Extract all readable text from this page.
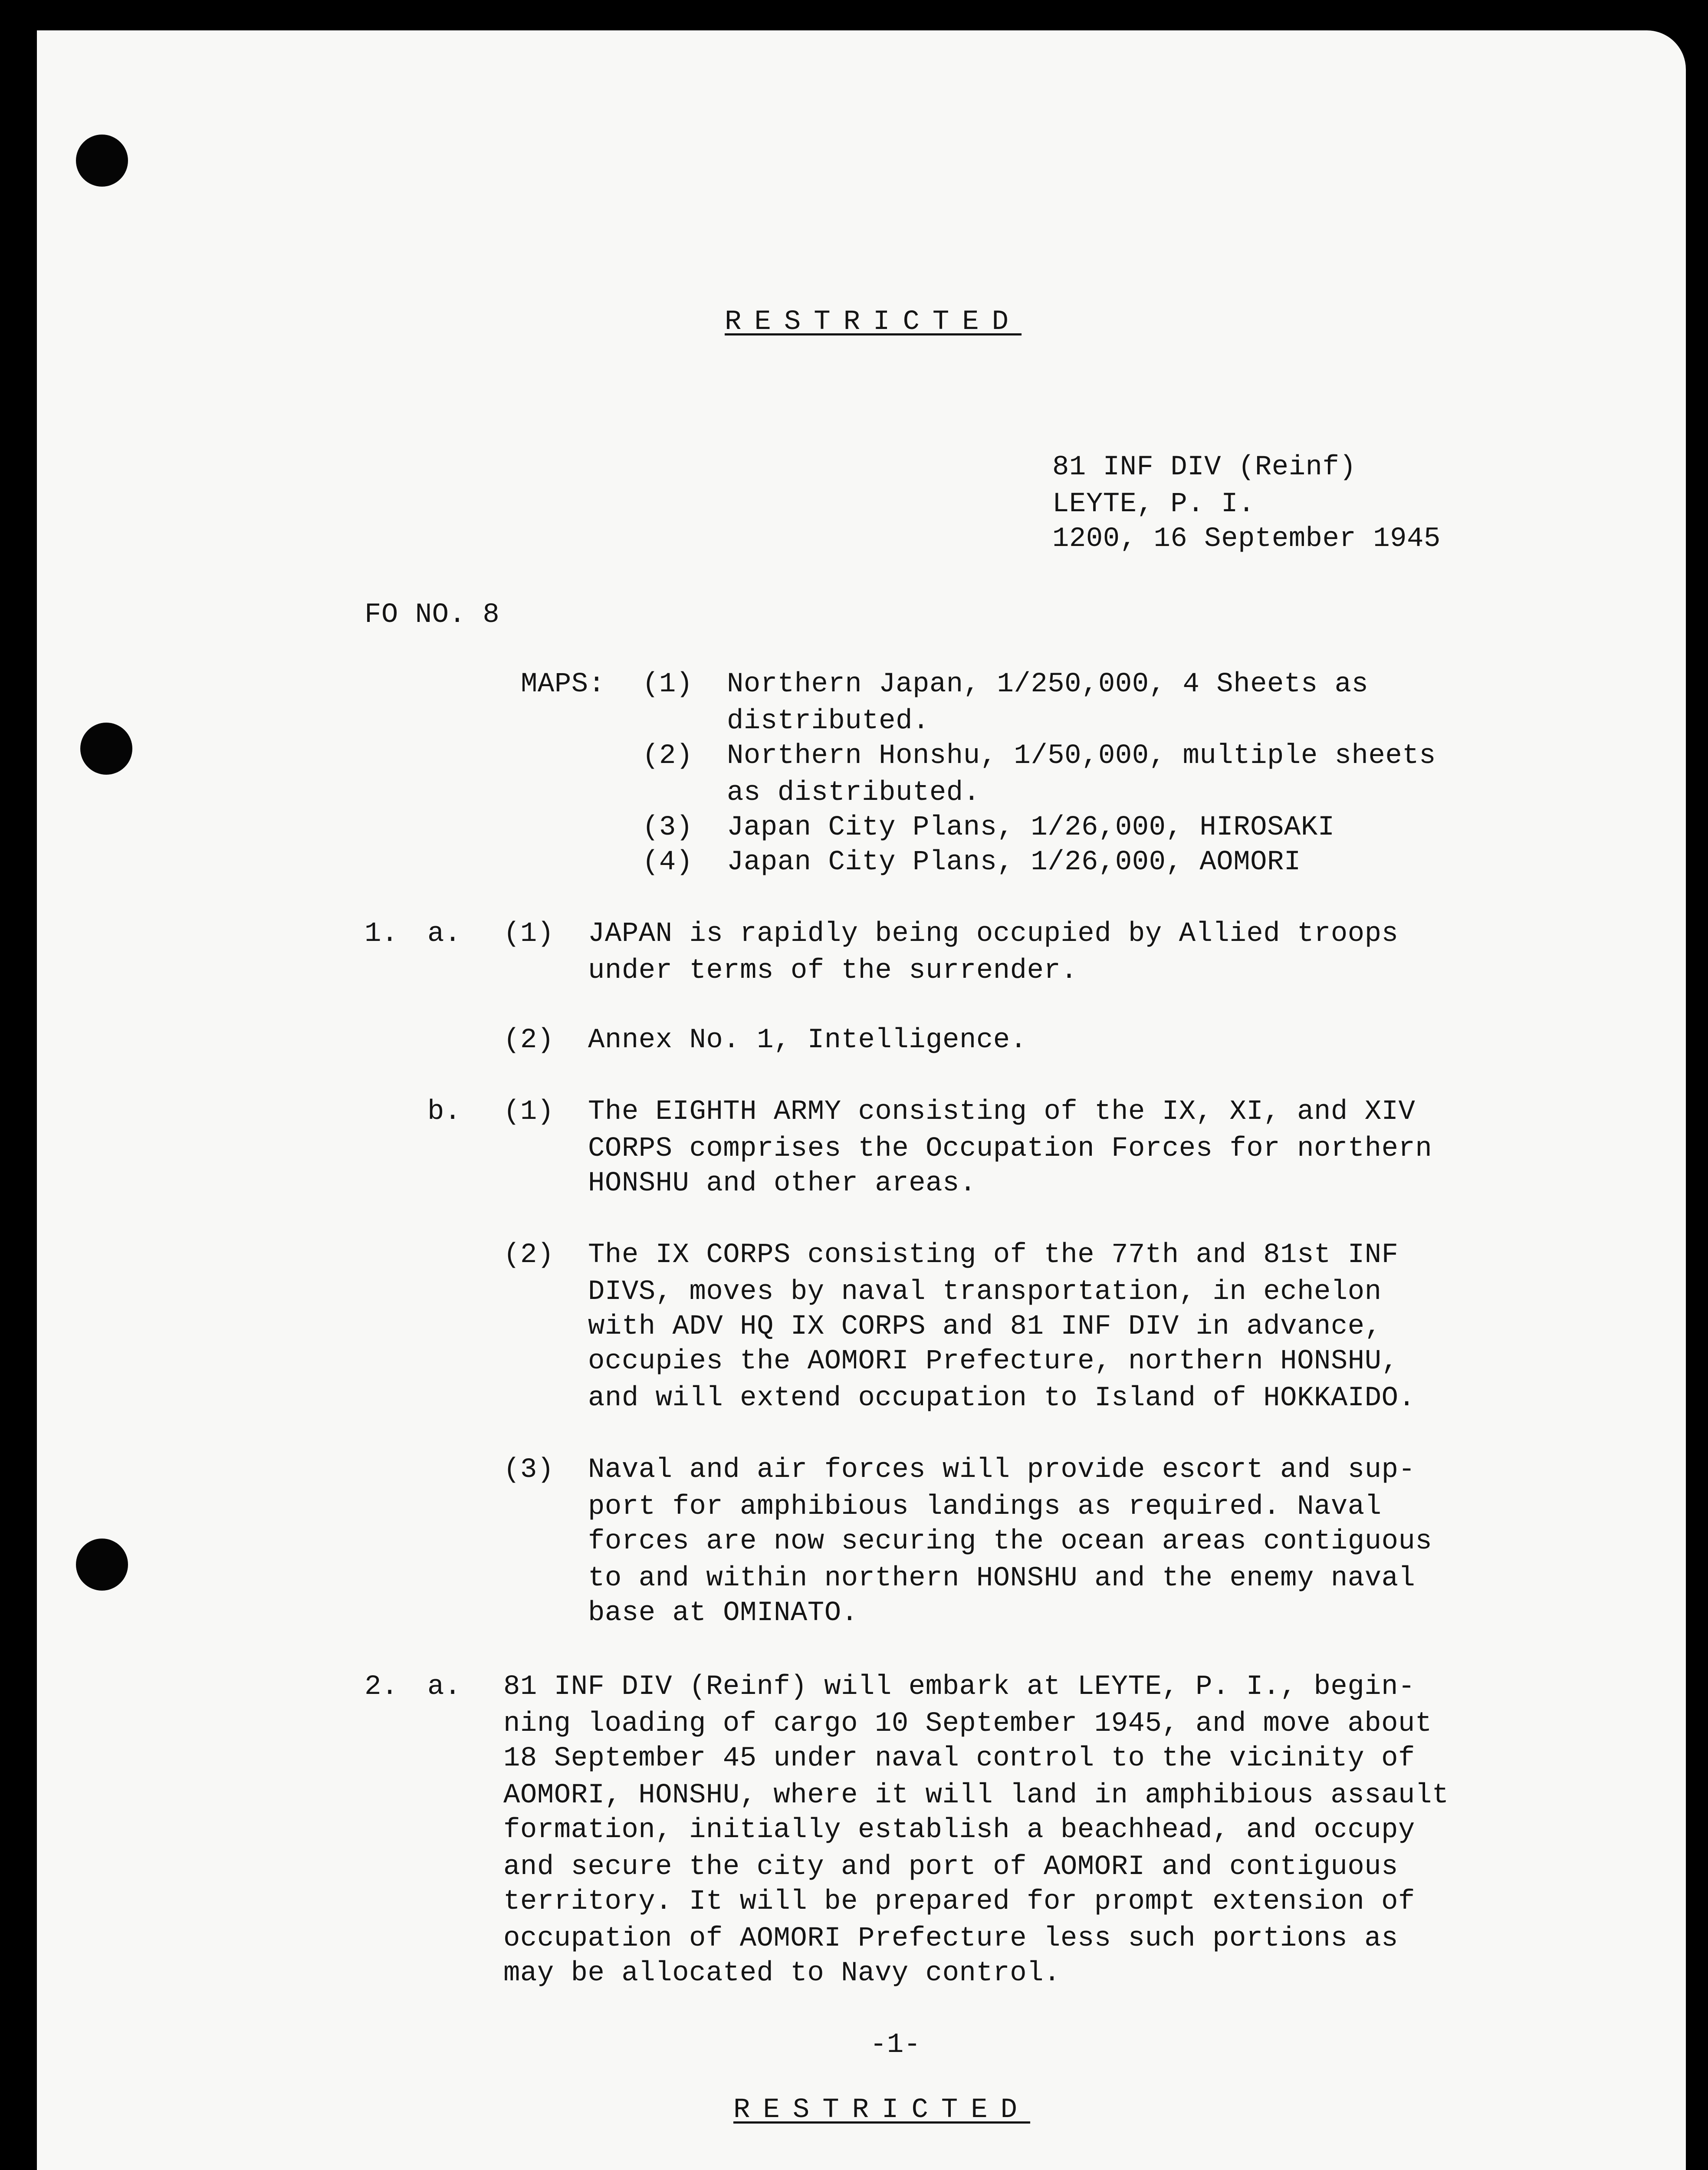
RESTRICTED
81 INF DIV (Reinf)
LEYTE, P. I.
1200, 16 September 1945
FO NO. 8
MAPS: (1) Northern Japan, 1/250,000, 4 Sheets as
distributed.
(2) Northern Honshu, 1/50,000, multiple sheets
as distributed.
(3) Japan City Plans, 1/26,000, HIROSAKI
(4) Japan City Plans, 1/26,000, AOMORI
1. a. (1) JAPAN is rapidly being occupied by Allied troops
under terms of the surrender.
(2) Annex No. 1, Intelligence.
b. (1) The EIGHTH ARMY consisting of the IX, XI, and XIV
CORPS comprises the Occupation Forces for northern
HONSHU and other areas.
(2) The IX CORPS consisting of the 77th and 81st INF
DIVS, moves by naval transportation, in echelon
with ADV HQ IX CORPS and 81 INF DIV in advance,
occupies the AOMORI Prefecture, northern HONSHU,
and will extend occupation to Island of HOKKAIDO.
(3) Naval and air forces will provide escort and sup-
port for amphibious landings as required. Naval
forces are now securing the ocean areas contiguous
to and within northern HONSHU and the enemy naval
base at OMINATO.
2. a. 81 INF DIV (Reinf) will embark at LEYTE, P. I., begin-
ning loading of cargo 10 September 1945, and move about
18 September 45 under naval control to the vicinity of
AOMORI, HONSHU, where it will land in amphibious assault
formation, initially establish a beachhead, and occupy
and secure the city and port of AOMORI and contiguous
territory. It will be prepared for prompt extension of
occupation of AOMORI Prefecture less such portions as
may be allocated to Navy control.
-1-
RESTRICTED
